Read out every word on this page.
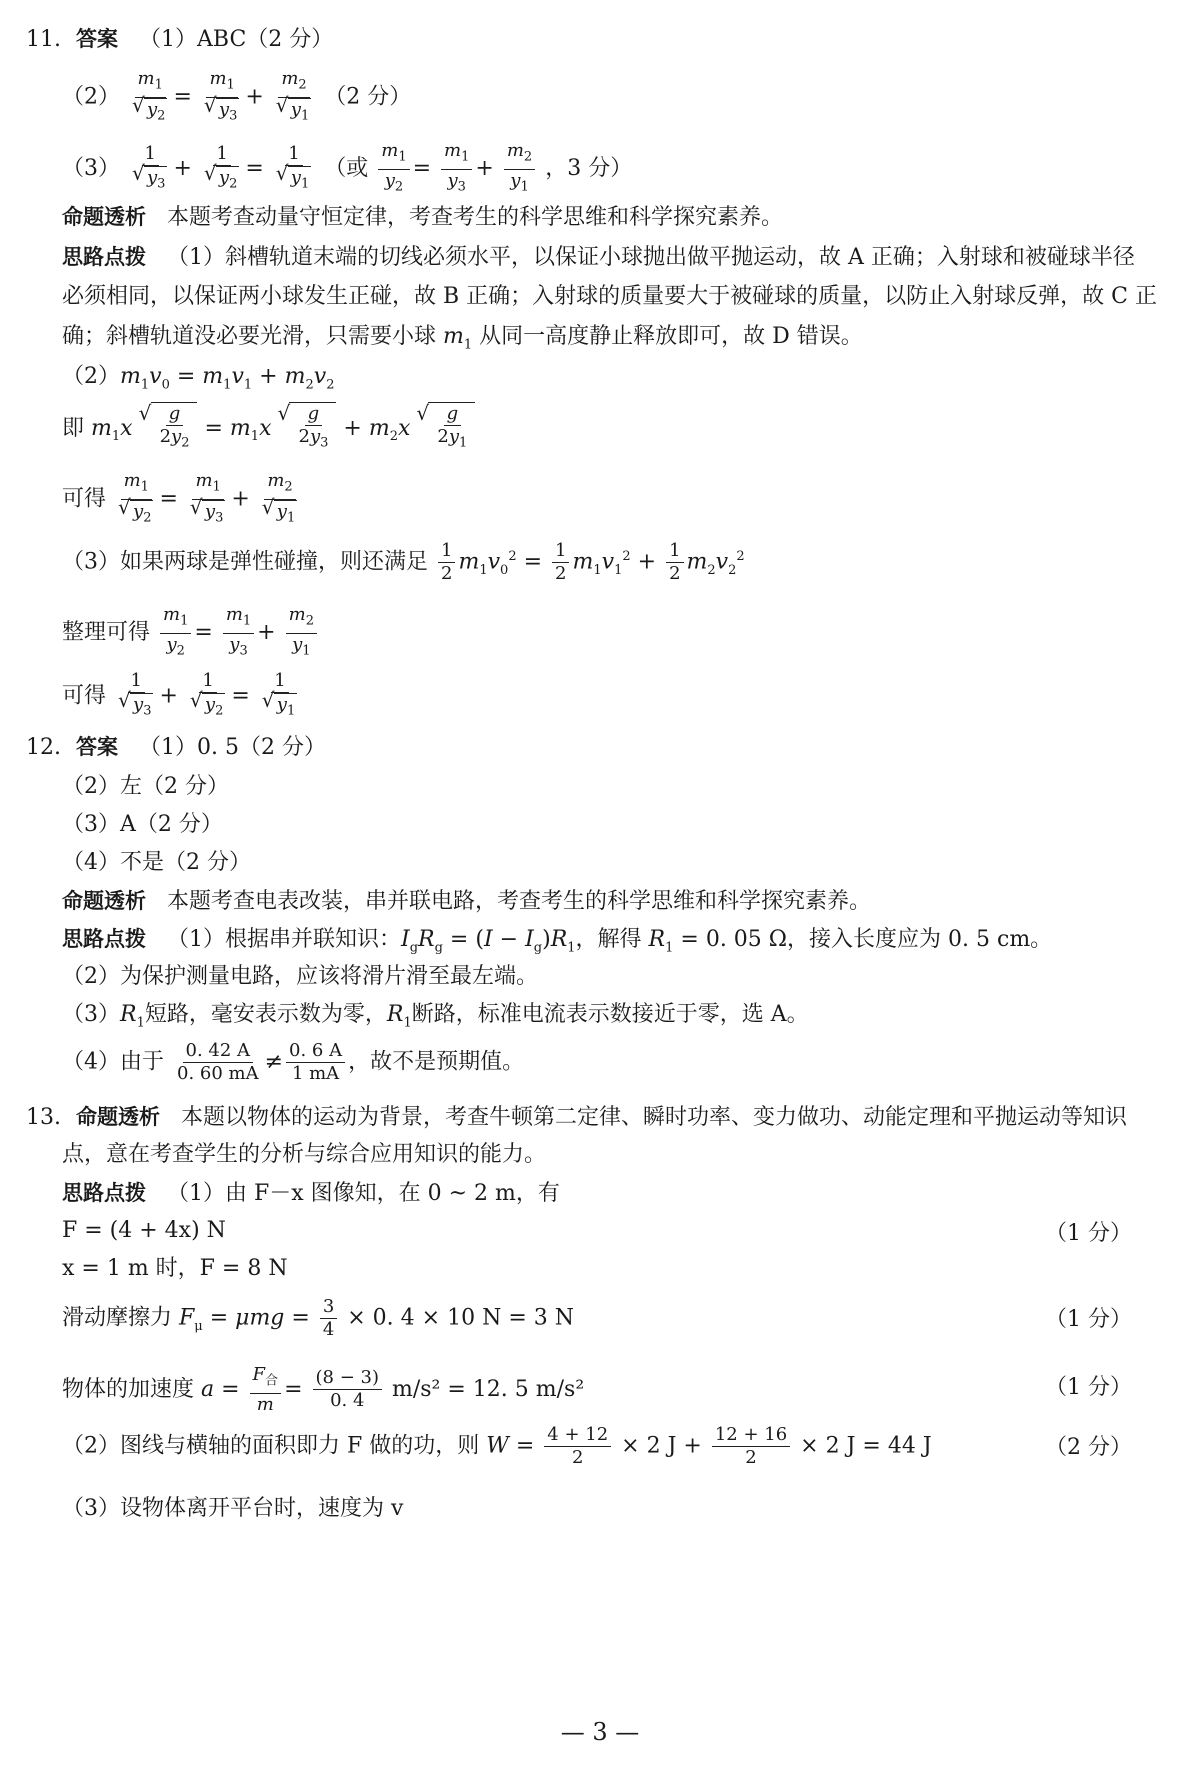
11. 答案 （1）ABC（2 分）
（2） $m_1$
√ $y_2 = m_1$
√ $y_3 + m_2$
√ $y_1$ （2 分）
（3） 1
√ $y_3 + 1$
√ $y_2 = 1$
√ $y_1$ （或 $\frac{m_1}{y_2} = \frac{m_1}{y_3} + \frac{m_2}{y_1}$ ，3 分）
命题透析 本题考查动量守恒定律，考查考生的科学思维和科学探究素养。
思路点拨 （1）斜槽轨道末端的切线必须水平，以保证小球抛出做平抛运动，故 A 正确；入射球和被碰球半径
必须相同，以保证两小球发生正碰，故 B 正确；入射球的质量要大于被碰球的质量，以防止入射球反弹，故 C 正
确；斜槽轨道没必要光滑，只需要小球 $m_1$ 从同一高度静止释放即可，故 D 错误。
$(2)m_1v_0 = m_1v_1 + m_2v_2$
即 $m_1x$ √ $\frac{g}{2y_2} = m_1x$ √ $\frac{g}{2y_3} + m_2x$ √ $\frac{g}{2y_1}$
可得 $m_1$
√ $y_2 = m_1$
√ $y_3 + m_2$
√ $y_1$
（3）如果两球是弹性碰撞，则还满足 $\frac{1}{2} m_1v_0^2 = \frac{1}{2} m_1v_1^2 + \frac{1}{2} m_2v_2^2$
整理可得 $\frac{m_1}{y_2} = \frac{m_1}{y_3} + \frac{m_2}{y_1}$
可得 1
√ $y_3 + 1$
√ $y_2 = 1$
√ $y_1$
12. 答案 （1）0. 5（2 分）
（2）左（2 分）
（3）A（2 分）
（4）不是（2 分）
命题透析 本题考查电表改装，串并联电路，考查考生的科学思维和科学探究素养。
思路点拨 （1）根据串并联知识：$I_gR_g = (I - I_g)R_1$，解得 $R_1 = 0$. 05 Ω，接入长度应为 0. 5 cm。
（2）为保护测量电路，应该将滑片滑至最左端。
$(3)R_1$短路，毫安表示数为零，$R_1$断路，标准电流表示数接近于零，选 A。
（4）由于 $\frac{0. 42 A}{0. 60 mA} \ne \frac{0. 6 A}{1 mA}$ ，故不是预期值。
13. 命题透析 本题以物体的运动为背景，考查牛顿第二定律、瞬时功率、变力做功、动能定理和平抛运动等知识
点，意在考查学生的分析与综合应用知识的能力。
思路点拨 （1）由 F－x 图像知，在 0 ~ 2 m，有
F = (4 + 4x) N	（1 分）
x = 1 m 时，F = 8 N
滑动摩擦力 $F_\mu = \mu mg = \frac{3}{4} \times 0$. 4 × 10 N = 3 N	（1 分）
物体的加速度 $a = \frac{F_合}{m} = \frac{(8 - 3)}{0. 4} m/s^2 = 12$. 5 m/s²	（1 分）
（2）图线与横轴的面积即力 F 做的功，则 $W = \frac{4 + 12}{2} \times 2$ $J + \frac{12 + 16}{2} \times 2$ J = 44 J	（2 分）
（3）设物体离开平台时，速度为 v
— 3 —
